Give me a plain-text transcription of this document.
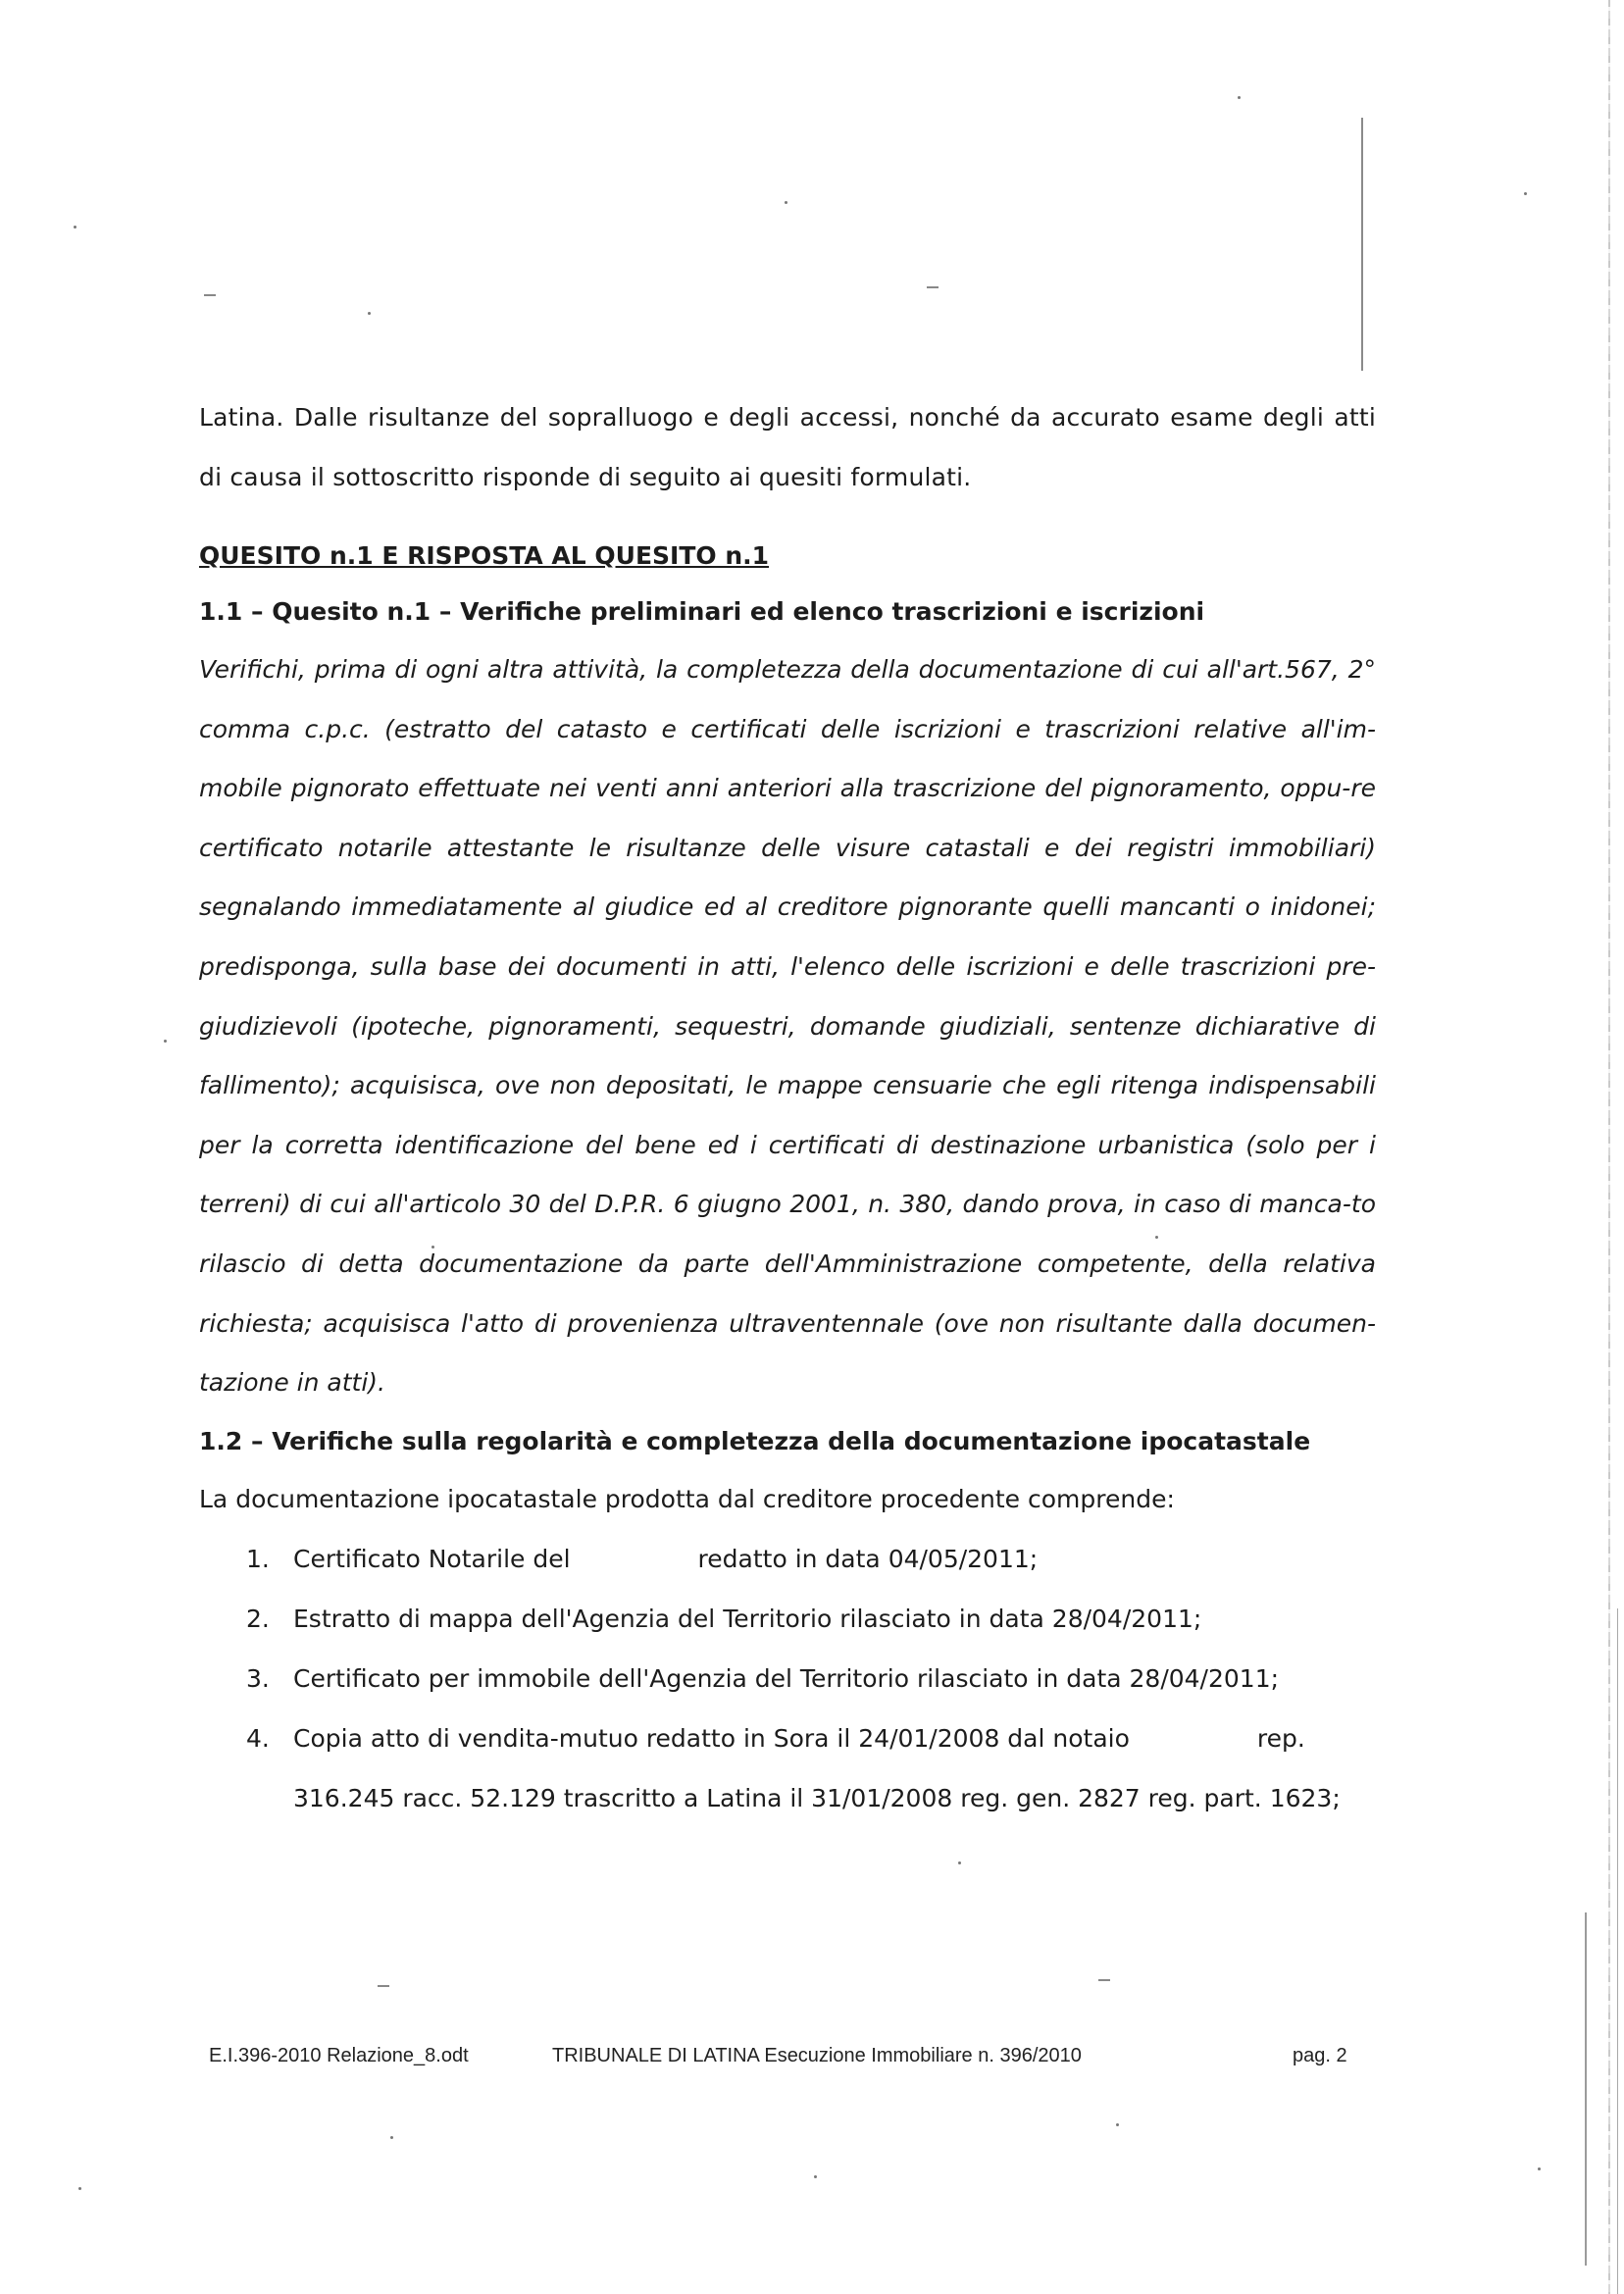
Latina. Dalle risultanze del sopralluogo e degli accessi, nonché da accurato esame degli atti di causa il sottoscritto risponde di seguito ai quesiti formulati.

QUESITO n.1 E RISPOSTA AL QUESITO n.1

1.1 – Quesito n.1 – Verifiche preliminari ed elenco trascrizioni e iscrizioni

Verifichi, prima di ogni altra attività, la completezza della documentazione di cui all'art.567, 2° comma c.p.c. (estratto del catasto e certificati delle iscrizioni e trascrizioni relative all'im-mobile pignorato effettuate nei venti anni anteriori alla trascrizione del pignoramento, oppu-re certificato notarile attestante le risultanze delle visure catastali e dei registri immobiliari) segnalando immediatamente al giudice ed al creditore pignorante quelli mancanti o inidonei; predisponga, sulla base dei documenti in atti, l'elenco delle iscrizioni e delle trascrizioni pre-giudizievoli (ipoteche, pignoramenti, sequestri, domande giudiziali, sentenze dichiarative di fallimento); acquisisca, ove non depositati, le mappe censuarie che egli ritenga indispensabili per la corretta identificazione del bene ed i certificati di destinazione urbanistica (solo per i terreni) di cui all'articolo 30 del D.P.R. 6 giugno 2001, n. 380, dando prova, in caso di manca-to rilascio di detta documentazione da parte dell'Amministrazione competente, della relativa richiesta; acquisisca l'atto di provenienza ultraventennale (ove non risultante dalla documen-tazione in atti).

1.2 – Verifiche sulla regolarità e completezza della documentazione ipocatastale

La documentazione ipocatastale prodotta dal creditore procedente comprende:

1. Certificato Notarile del	redatto in data 04/05/2011;
2. Estratto di mappa dell'Agenzia del Territorio rilasciato in data 28/04/2011;
3. Certificato per immobile dell'Agenzia del Territorio rilasciato in data 28/04/2011;
4. Copia atto di vendita-mutuo redatto in Sora il 24/01/2008 dal notaio	rep. 316.245 racc. 52.129 trascritto a Latina il 31/01/2008 reg. gen. 2827 reg. part. 1623;
E.I.396-2010 Relazione_8.odt	TRIBUNALE DI LATINA Esecuzione Immobiliare n. 396/2010	pag. 2
